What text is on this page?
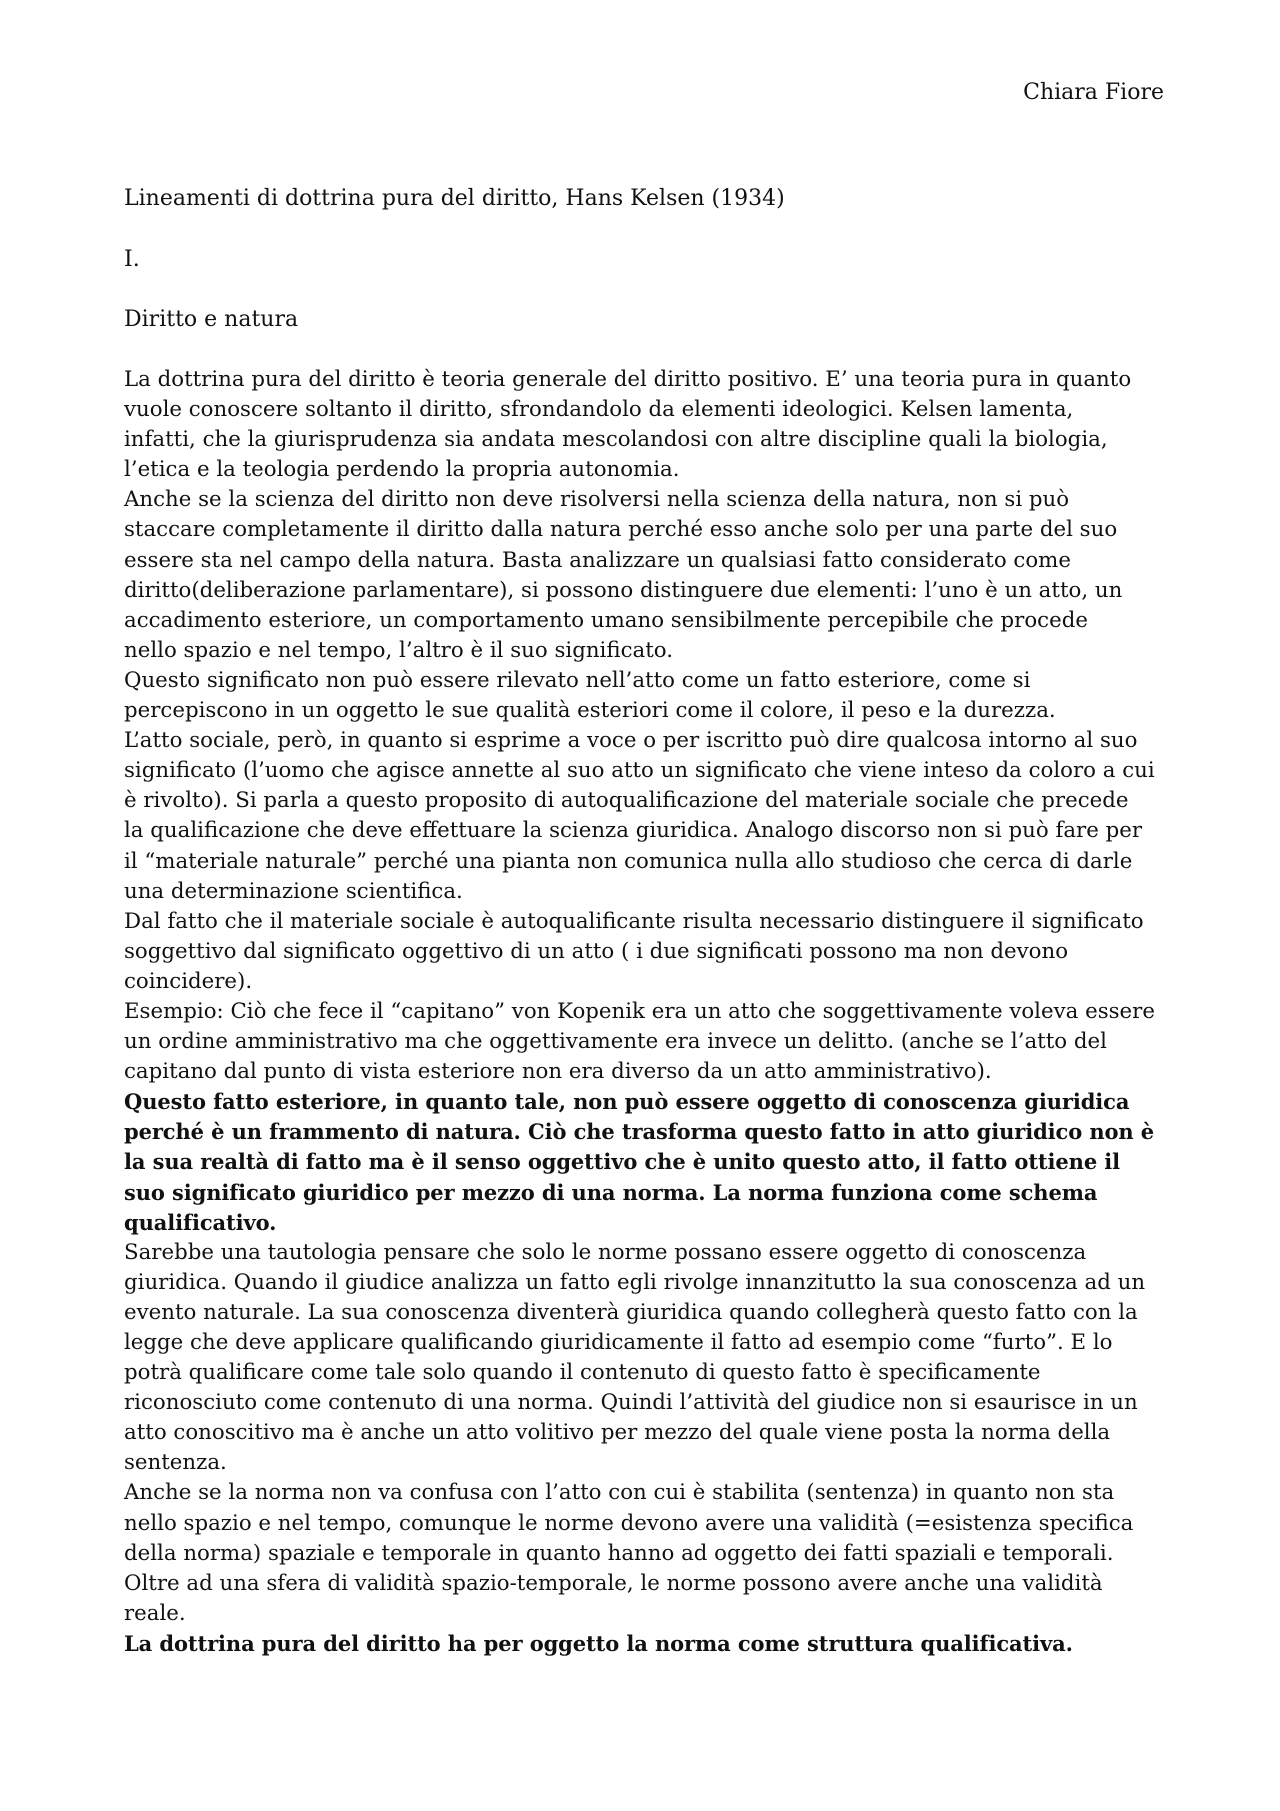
Chiara Fiore
Lineamenti di dottrina pura del diritto, Hans Kelsen (1934)
I.
Diritto e natura
La dottrina pura del diritto è teoria generale del diritto positivo. E’ una teoria pura in quanto
vuole conoscere soltanto il diritto, sfrondandolo da elementi ideologici. Kelsen lamenta,
infatti, che la giurisprudenza sia andata mescolandosi con altre discipline quali la biologia,
l’etica e la teologia perdendo la propria autonomia.
Anche se la scienza del diritto non deve risolversi nella scienza della natura, non si può
staccare completamente il diritto dalla natura perché esso anche solo per una parte del suo
essere sta nel campo della natura. Basta analizzare un qualsiasi fatto considerato come
diritto(deliberazione parlamentare), si possono distinguere due elementi: l’uno è un atto, un
accadimento esteriore, un comportamento umano sensibilmente percepibile che procede
nello spazio e nel tempo, l’altro è il suo significato.
Questo significato non può essere rilevato nell’atto come un fatto esteriore, come si
percepiscono in un oggetto le sue qualità esteriori come il colore, il peso e la durezza.
L’atto sociale, però, in quanto si esprime a voce o per iscritto può dire qualcosa intorno al suo
significato (l’uomo che agisce annette al suo atto un significato che viene inteso da coloro a cui
è rivolto). Si parla a questo proposito di autoqualificazione del materiale sociale che precede
la qualificazione che deve effettuare la scienza giuridica. Analogo discorso non si può fare per
il “materiale naturale” perché una pianta non comunica nulla allo studioso che cerca di darle
una determinazione scientifica.
Dal fatto che il materiale sociale è autoqualificante risulta necessario distinguere il significato
soggettivo dal significato oggettivo di un atto ( i due significati possono ma non devono
coincidere).
Esempio: Ciò che fece il “capitano” von Kopenik era un atto che soggettivamente voleva essere
un ordine amministrativo ma che oggettivamente era invece un delitto. (anche se l’atto del
capitano dal punto di vista esteriore non era diverso da un atto amministrativo).
Questo fatto esteriore, in quanto tale, non può essere oggetto di conoscenza giuridica
perché è un frammento di natura. Ciò che trasforma questo fatto in atto giuridico non è
la sua realtà di fatto ma è il senso oggettivo che è unito questo atto, il fatto ottiene il
suo significato giuridico per mezzo di una norma. La norma funziona come schema
qualificativo.
Sarebbe una tautologia pensare che solo le norme possano essere oggetto di conoscenza
giuridica. Quando il giudice analizza un fatto egli rivolge innanzitutto la sua conoscenza ad un
evento naturale. La sua conoscenza diventerà giuridica quando collegherà questo fatto con la
legge che deve applicare qualificando giuridicamente il fatto ad esempio come “furto”. E lo
potrà qualificare come tale solo quando il contenuto di questo fatto è specificamente
riconosciuto come contenuto di una norma. Quindi l’attività del giudice non si esaurisce in un
atto conoscitivo ma è anche un atto volitivo per mezzo del quale viene posta la norma della
sentenza.
Anche se la norma non va confusa con l’atto con cui è stabilita (sentenza) in quanto non sta
nello spazio e nel tempo, comunque le norme devono avere una validità (=esistenza specifica
della norma) spaziale e temporale in quanto hanno ad oggetto dei fatti spaziali e temporali.
Oltre ad una sfera di validità spazio-temporale, le norme possono avere anche una validità
reale.
La dottrina pura del diritto ha per oggetto la norma come struttura qualificativa.
